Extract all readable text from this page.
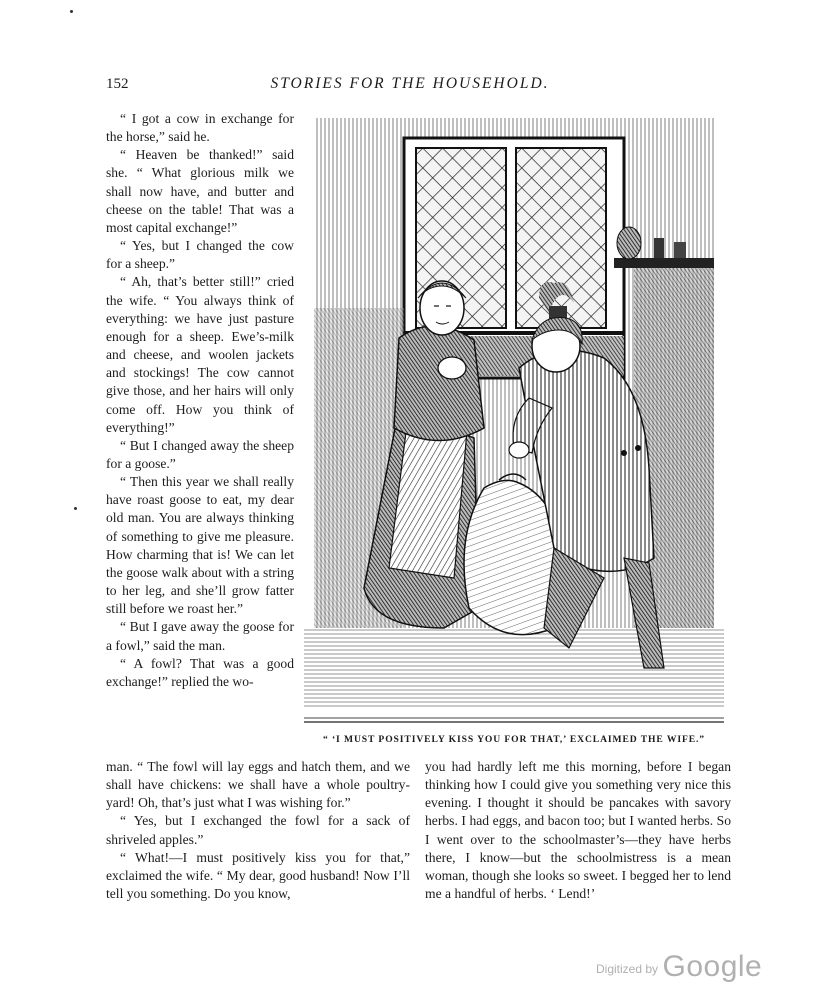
152	STORIES FOR THE HOUSEHOLD.

“ I got a cow in exchange for the horse,” said he.

“ Heaven be thanked!” said she. “ What glorious milk we shall now have, and butter and cheese on the table! That was a most capital exchange!”

“ Yes, but I changed the cow for a sheep.”

“ Ah, that’s better still!” cried the wife. “ You always think of everything: we have just pasture enough for a sheep. Ewe’s-milk and cheese, and woolen jackets and stockings! The cow cannot give those, and her hairs will only come off. How you think of everything!”

“ But I changed away the sheep for a goose.”

“ Then this year we shall really have roast goose to eat, my dear old man. You are always thinking of something to give me pleasure. How charming that is! We can let the goose walk about with a string to her leg, and she’ll grow fatter still before we roast her.”

“ But I gave away the goose for a fowl,” said the man.

“ A fowl? That was a good exchange!” replied the wo-

“ ‘I MUST POSITIVELY KISS YOU FOR THAT,’ EXCLAIMED THE WIFE.”

man. “ The fowl will lay eggs and hatch them, and we shall have chickens: we shall have a whole poultry-yard! Oh, that’s just what I was wishing for.”

“ Yes, but I exchanged the fowl for a sack of shriveled apples.”

“ What!—I must positively kiss you for that,” exclaimed the wife. “ My dear, good husband! Now I’ll tell you something. Do you know,

you had hardly left me this morning, before I began thinking how I could give you something very nice this evening. I thought it should be pancakes with savory herbs. I had eggs, and bacon too; but I wanted herbs. So I went over to the schoolmaster’s—they have herbs there, I know—but the schoolmistress is a mean woman, though she looks so sweet. I begged her to lend me a handful of herbs. ‘ Lend!’

Digitized by Google
